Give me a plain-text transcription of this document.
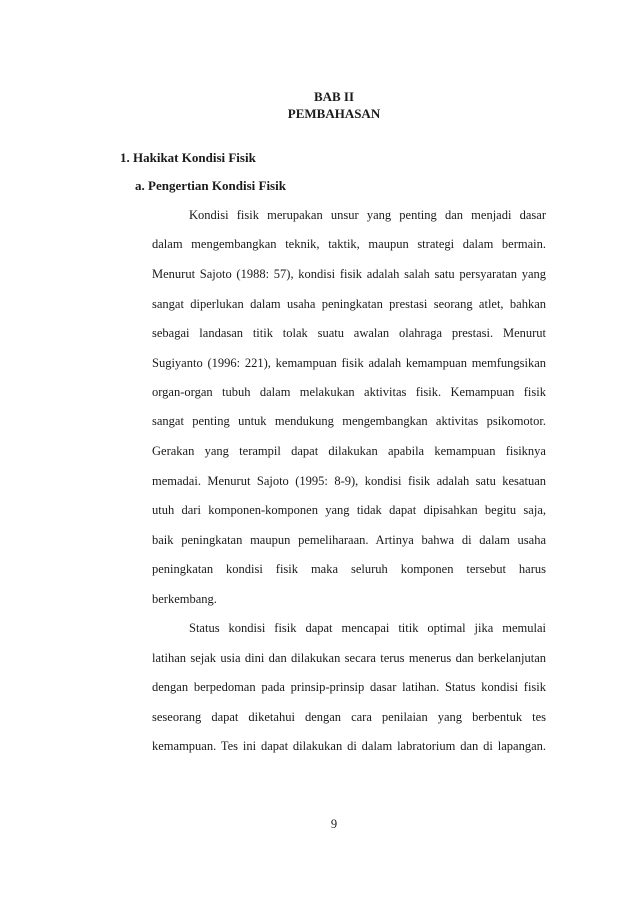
BAB II
PEMBAHASAN
1. Hakikat Kondisi Fisik
a. Pengertian Kondisi Fisik
Kondisi fisik merupakan unsur yang penting dan menjadi dasar
dalam mengembangkan teknik, taktik, maupun strategi dalam bermain.
Menurut Sajoto (1988: 57), kondisi fisik adalah salah satu persyaratan yang
sangat diperlukan dalam usaha peningkatan prestasi seorang atlet, bahkan
sebagai landasan titik tolak suatu awalan olahraga prestasi. Menurut
Sugiyanto (1996: 221), kemampuan fisik adalah kemampuan memfungsikan
organ-organ tubuh dalam melakukan aktivitas fisik. Kemampuan fisik
sangat penting untuk mendukung mengembangkan aktivitas psikomotor.
Gerakan yang terampil dapat dilakukan apabila kemampuan fisiknya
memadai. Menurut Sajoto (1995: 8-9), kondisi fisik adalah satu kesatuan
utuh dari komponen-komponen yang tidak dapat dipisahkan begitu saja,
baik peningkatan maupun pemeliharaan. Artinya bahwa di dalam usaha
peningkatan kondisi fisik maka seluruh komponen tersebut harus
berkembang.
Status kondisi fisik dapat mencapai titik optimal jika memulai
latihan sejak usia dini dan dilakukan secara terus menerus dan berkelanjutan
dengan berpedoman pada prinsip-prinsip dasar latihan. Status kondisi fisik
seseorang dapat diketahui dengan cara penilaian yang berbentuk tes
kemampuan. Tes ini dapat dilakukan di dalam labratorium dan di lapangan.
9
